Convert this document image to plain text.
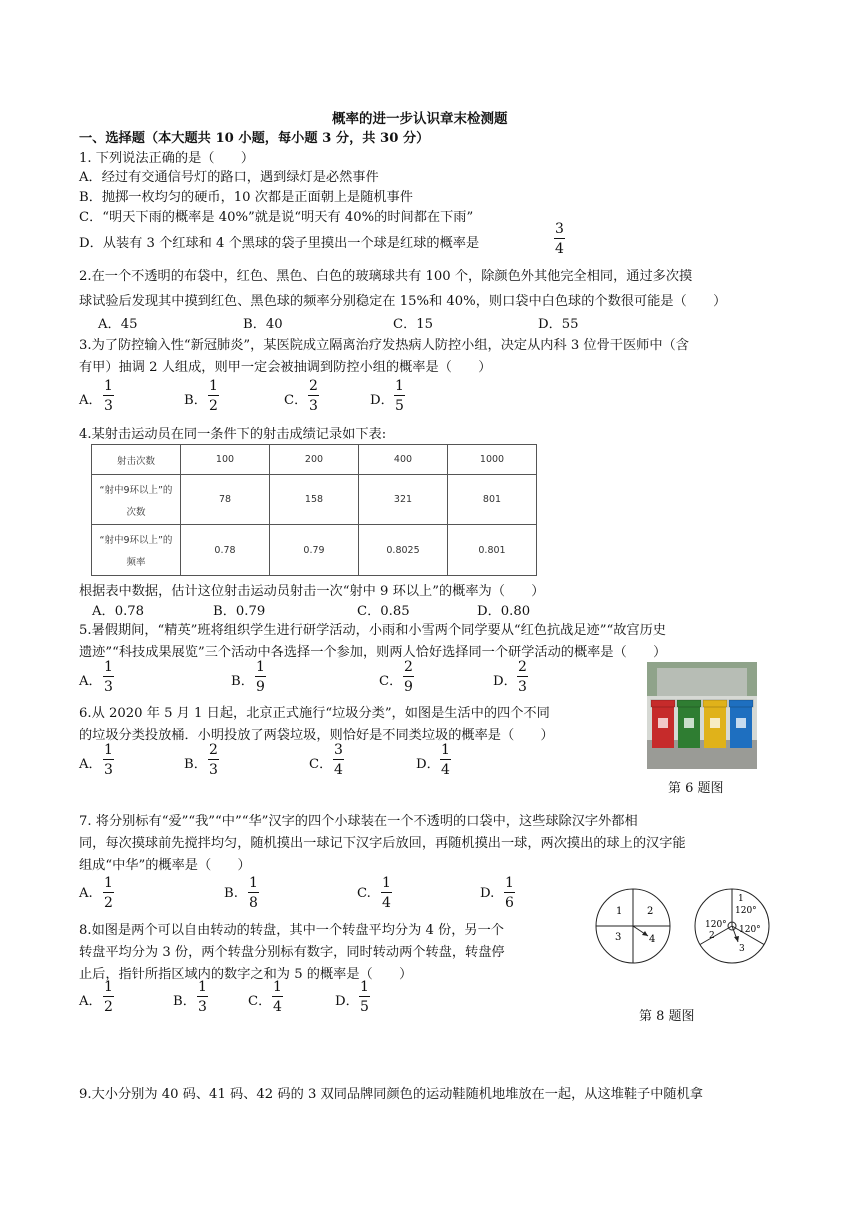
概率的进一步认识章末检测题
一、选择题（本大题共 10 小题，每小题 3 分，共 30 分）
1. 下列说法正确的是（　　）
A．经过有交通信号灯的路口，遇到绿灯是必然事件
B．抛掷一枚均匀的硬币，10 次都是正面朝上是随机事件
C．“明天下雨的概率是 40%”就是说“明天有 40%的时间都在下雨”
D．从装有 3 个红球和 4 个黑球的袋子里摸出一个球是红球的概率是
3
4
2.在一个不透明的布袋中，红色、黑色、白色的玻璃球共有 100 个，除颜色外其他完全相同，通过多次摸
球试验后发现其中摸到红色、黑色球的频率分别稳定在 15%和 40%，则口袋中白色球的个数很可能是（　　）
A．45	B．40	C．15	D．55
3.为了防控输入性“新冠肺炎”，某医院成立隔离治疗发热病人防控小组，决定从内科 3 位骨干医师中（含
有甲）抽调 2 人组成，则甲一定会被抽调到防控小组的概率是（　　）
A．
1
3	B．
1
2	C．
2
3	D．
1
5
4.某射击运动员在同一条件下的射击成绩记录如下表:
射击次数	100	200	400	1000

“射中9环以上”的
次数	78	158	321	801

“射中9环以上”的
频率	0.78	0.79	0.8025	0.801
根据表中数据，估计这位射击运动员射击一次“射中 9 环以上”的概率为（　　）
A．0.78	B．0.79	C．0.85	D．0.80
5.暑假期间，“精英”班将组织学生进行研学活动，小雨和小雪两个同学要从“红色抗战足迹”“故宫历史
遗迹”“科技成果展览”三个活动中各选择一个参加，则两人恰好选择同一个研学活动的概率是（　　）
A．
1
3	B．
1
9	C．
2
9	D．
2
3
6.从 2020 年 5 月 1 日起，北京正式施行“垃圾分类”，如图是生活中的四个不同
的垃圾分类投放桶．小明投放了两袋垃圾，则恰好是不同类垃圾的概率是（　　）
A．
1
3	B．
2
3	C．
3
4	D．
1
4
第 6 题图
7. 将分别标有“爱”“我”“中”“华”汉字的四个小球装在一个不透明的口袋中，这些球除汉字外都相
同，每次摸球前先搅拌均匀，随机摸出一球记下汉字后放回，再随机摸出一球，两次摸出的球上的汉字能
组成“中华”的概率是（　　）
A.
1
2
B.
1
8
C.
1
4
D.
1
6
8.如图是两个可以自由转动的转盘，其中一个转盘平均分为 4 份，另一个
转盘平均分为 3 份，两个转盘分别标有数字，同时转动两个转盘，转盘停
止后，指针所指区域内的数字之和为 5 的概率是（　　）
A．
1
2	B．
1
3	C．
1
4	D．
1
5
1 2
3	4
1
120°
120° 120°
2
3
第 8 题图
9.大小分别为 40 码、41 码、42 码的 3 双同品牌同颜色的运动鞋随机地堆放在一起，从这堆鞋子中随机拿
